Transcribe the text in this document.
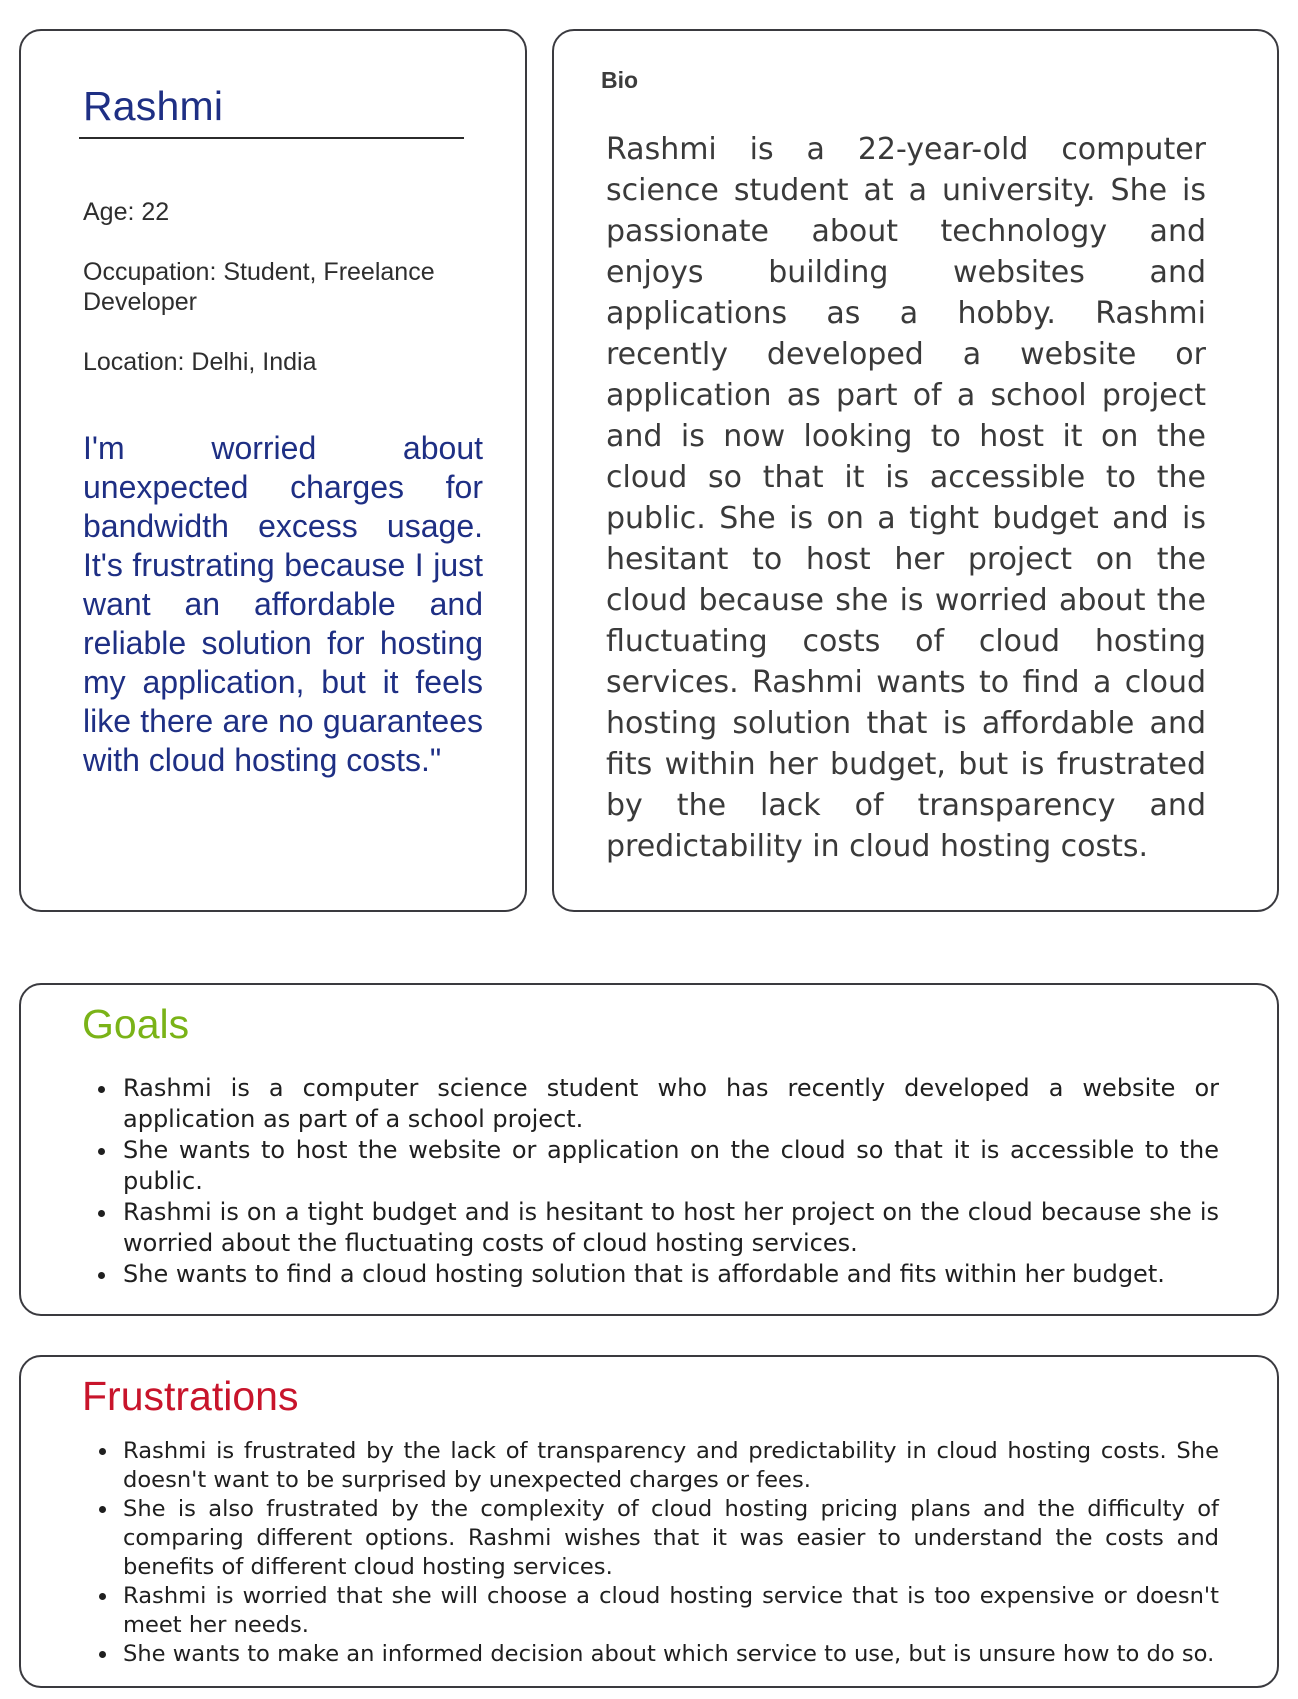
Rashmi

Age: 22

Occupation: Student, Freelance Developer

Location: Delhi, India

I'm worried about unexpected charges for bandwidth excess usage. It's frustrating because I just want an affordable and reliable solution for hosting my application, but it feels like there are no guarantees with cloud hosting costs."

Bio

Rashmi is a 22-year-old computer science student at a university. She is passionate about technology and enjoys building websites and applications as a hobby. Rashmi recently developed a website or application as part of a school project and is now looking to host it on the cloud so that it is accessible to the public. She is on a tight budget and is hesitant to host her project on the cloud because she is worried about the fluctuating costs of cloud hosting services. Rashmi wants to find a cloud hosting solution that is affordable and fits within her budget, but is frustrated by the lack of transparency and predictability in cloud hosting costs.

Goals
• Rashmi is a computer science student who has recently developed a website or application as part of a school project.
• She wants to host the website or application on the cloud so that it is accessible to the public.
• Rashmi is on a tight budget and is hesitant to host her project on the cloud because she is worried about the fluctuating costs of cloud hosting services.
• She wants to find a cloud hosting solution that is affordable and fits within her budget.
Frustrations
• Rashmi is frustrated by the lack of transparency and predictability in cloud hosting costs. She doesn't want to be surprised by unexpected charges or fees.
• She is also frustrated by the complexity of cloud hosting pricing plans and the difficulty of comparing different options. Rashmi wishes that it was easier to understand the costs and benefits of different cloud hosting services.
• Rashmi is worried that she will choose a cloud hosting service that is too expensive or doesn't meet her needs.
• She wants to make an informed decision about which service to use, but is unsure how to do so.
